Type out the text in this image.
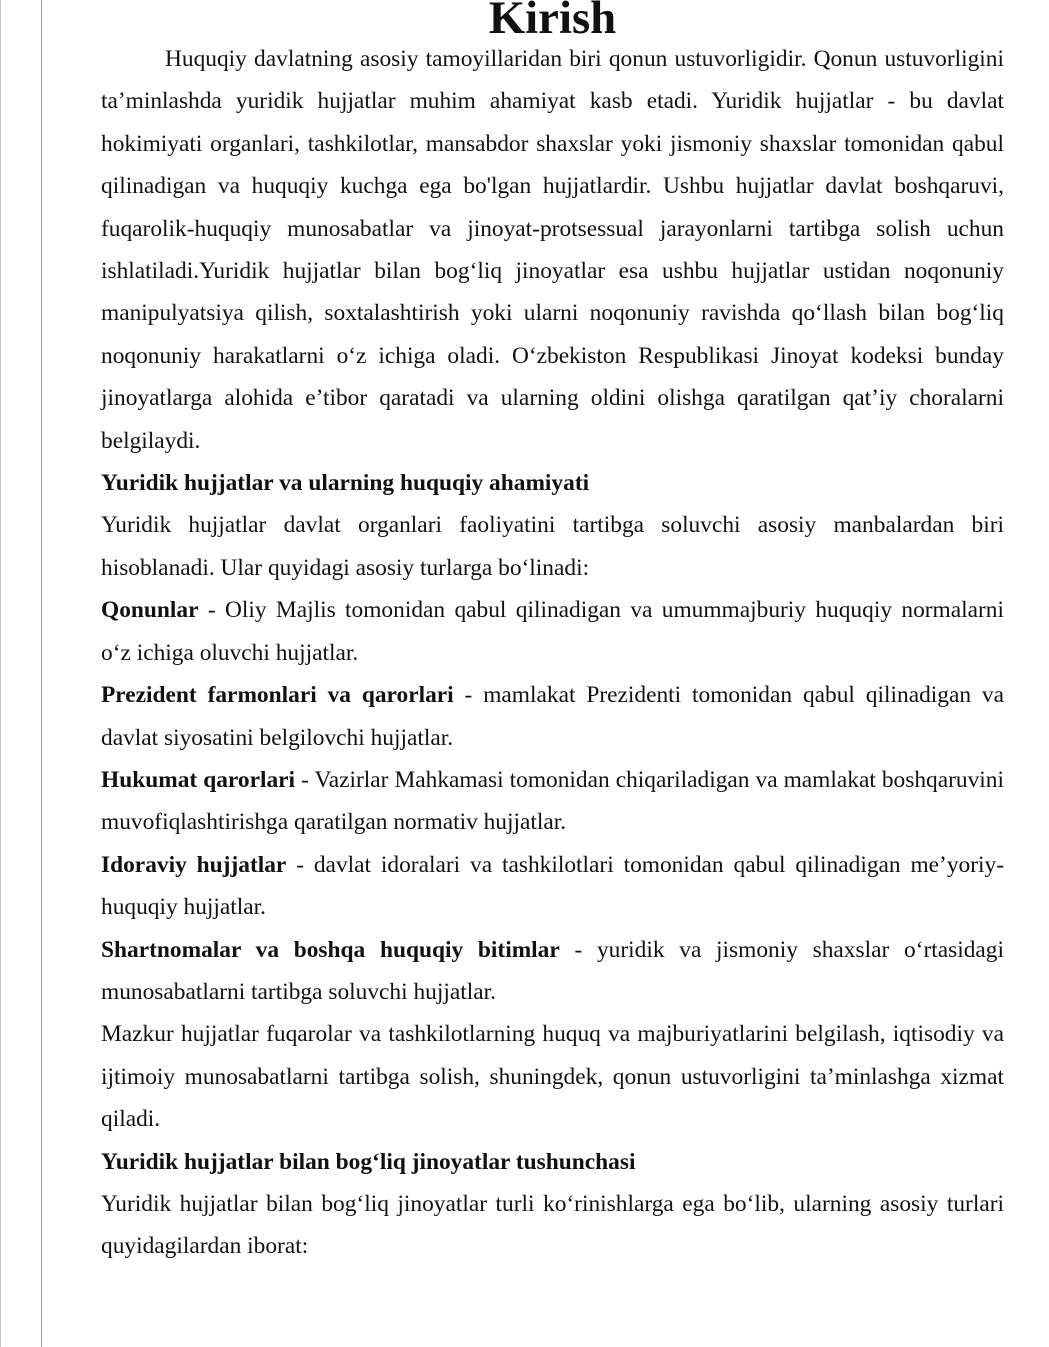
Kirish

Huquqiy davlatning asosiy tamoyillaridan biri qonun ustuvorligidir. Qonun ustuvorligini ta’minlashda yuridik hujjatlar muhim ahamiyat kasb etadi. Yuridik hujjatlar - bu davlat hokimiyati organlari, tashkilotlar, mansabdor shaxslar yoki jismoniy shaxslar tomonidan qabul qilinadigan va huquqiy kuchga ega bo'lgan hujjatlardir. Ushbu hujjatlar davlat boshqaruvi, fuqarolik-huquqiy munosabatlar va jinoyat-protsessual jarayonlarni tartibga solish uchun ishlatiladi.Yuridik hujjatlar bilan bog‘liq jinoyatlar esa ushbu hujjatlar ustidan noqonuniy manipulyatsiya qilish, soxtalashtirish yoki ularni noqonuniy ravishda qo‘llash bilan bog‘liq noqonuniy harakatlarni o‘z ichiga oladi. O‘zbekiston Respublikasi Jinoyat kodeksi bunday jinoyatlarga alohida e’tibor qaratadi va ularning oldini olishga qaratilgan qat’iy choralarni belgilaydi.

Yuridik hujjatlar va ularning huquqiy ahamiyati

Yuridik hujjatlar davlat organlari faoliyatini tartibga soluvchi asosiy manbalardan biri hisoblanadi. Ular quyidagi asosiy turlarga bo‘linadi:

Qonunlar - Oliy Majlis tomonidan qabul qilinadigan va umummajburiy huquqiy normalarni o‘z ichiga oluvchi hujjatlar.

Prezident farmonlari va qarorlari - mamlakat Prezidenti tomonidan qabul qilinadigan va davlat siyosatini belgilovchi hujjatlar.

Hukumat qarorlari - Vazirlar Mahkamasi tomonidan chiqariladigan va mamlakat boshqaruvini muvofiqlashtirishga qaratilgan normativ hujjatlar.

Idoraviy hujjatlar - davlat idoralari va tashkilotlari tomonidan qabul qilinadigan me’yoriy-huquqiy hujjatlar.

Shartnomalar va boshqa huquqiy bitimlar - yuridik va jismoniy shaxslar o‘rtasidagi munosabatlarni tartibga soluvchi hujjatlar.

Mazkur hujjatlar fuqarolar va tashkilotlarning huquq va majburiyatlarini belgilash, iqtisodiy va ijtimoiy munosabatlarni tartibga solish, shuningdek, qonun ustuvorligini ta’minlashga xizmat qiladi.

Yuridik hujjatlar bilan bog‘liq jinoyatlar tushunchasi

Yuridik hujjatlar bilan bog‘liq jinoyatlar turli ko‘rinishlarga ega bo‘lib, ularning asosiy turlari quyidagilardan iborat:
